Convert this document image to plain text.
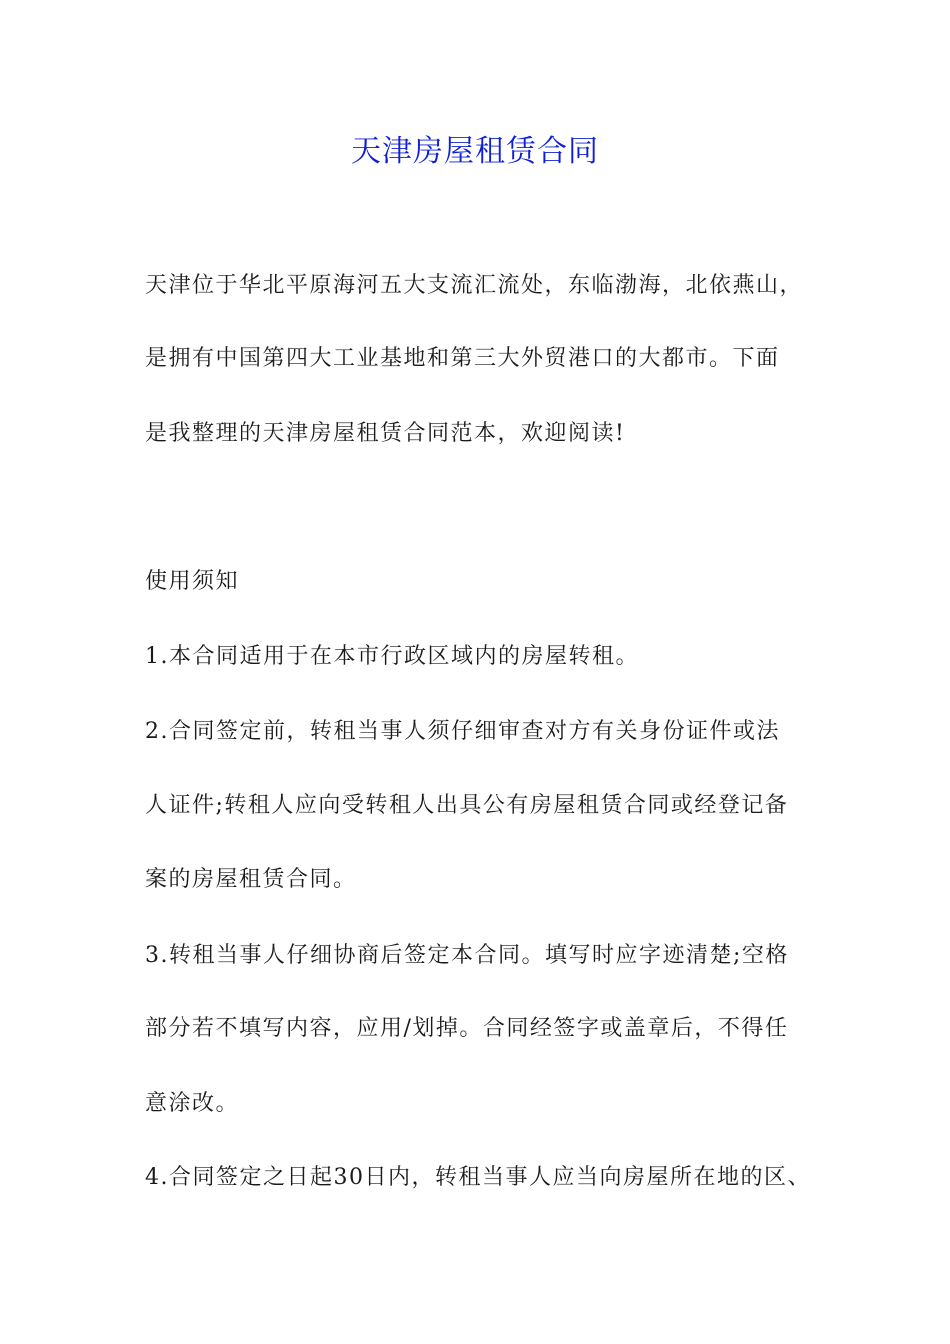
天津房屋租赁合同
天津位于华北平原海河五大支流汇流处，东临渤海，北依燕山，
是拥有中国第四大工业基地和第三大外贸港口的大都市。下面
是我整理的天津房屋租赁合同范本，欢迎阅读!
使用须知
1.本合同适用于在本市行政区域内的房屋转租。
2.合同签定前，转租当事人须仔细审查对方有关身份证件或法
人证件;转租人应向受转租人出具公有房屋租赁合同或经登记备
案的房屋租赁合同。
3.转租当事人仔细协商后签定本合同。填写时应字迹清楚;空格
部分若不填写内容，应用/划掉。合同经签字或盖章后，不得任
意涂改。
4.合同签定之日起30日内，转租当事人应当向房屋所在地的区、
